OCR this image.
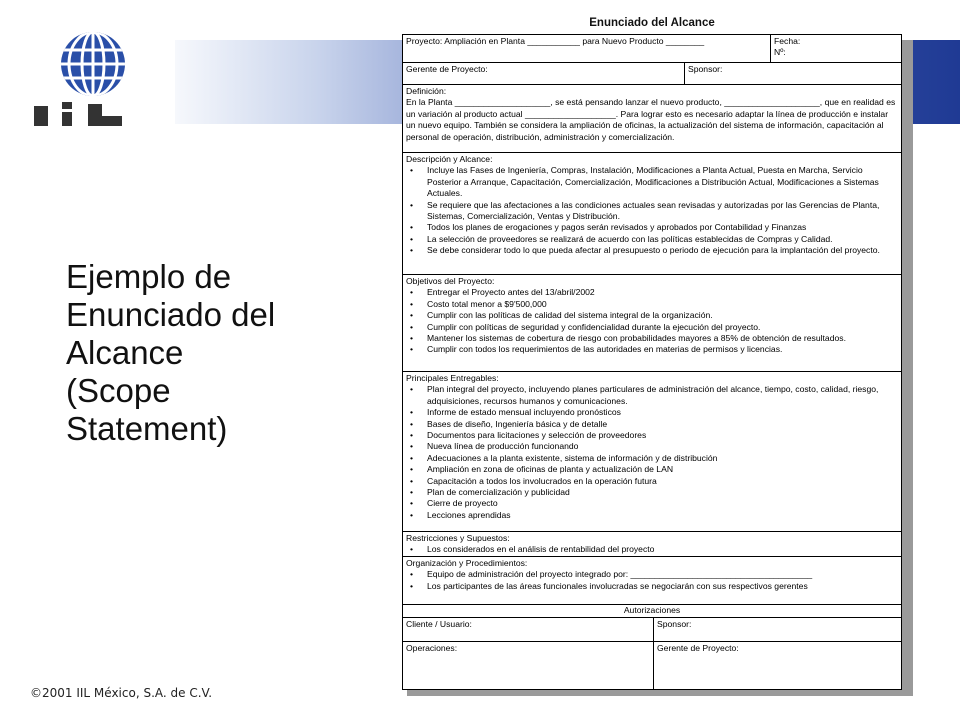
Ejemplo de
Enunciado del
Alcance
(Scope
Statement)
©2001 IIL México, S.A. de C.V.
Enunciado del Alcance
Proyecto: Ampliación en Planta ___________ para Nuevo Producto ________	Fecha:
Nº:
Gerente de Proyecto:	Sponsor:
Definición:

En la Planta ____________________, se está pensando lanzar el nuevo producto, ____________________, que en realidad es un variación al producto actual ___________________. Para lograr esto es necesario adaptar la línea de producción e instalar un nuevo equipo. También se considera la ampliación de oficinas, la actualización del sistema de información, capacitación al personal de operación, distribución, administración y comercialización.

Descripción y Alcance:
• Incluye las Fases de Ingeniería, Compras, Instalación, Modificaciones a Planta Actual, Puesta en Marcha, Servicio Posterior a Arranque, Capacitación, Comercialización, Modificaciones a Distribución Actual, Modificaciones a Sistemas Actuales.
• Se requiere que las afectaciones a las condiciones actuales sean revisadas y autorizadas por las Gerencias de Planta, Sistemas, Comercialización, Ventas y Distribución.
• Todos los planes de erogaciones y pagos serán revisados y aprobados por Contabilidad y Finanzas
• La selección de proveedores se realizará de acuerdo con las políticas establecidas de Compras y Calidad.
• Se debe considerar todo lo que pueda afectar al presupuesto o periodo de ejecución para la implantación del proyecto.
Objetivos del Proyecto:
• Entregar el Proyecto antes del 13/abril/2002
• Costo total menor a $9'500,000
• Cumplir con las políticas de calidad del sistema integral de la organización.
• Cumplir con políticas de seguridad y confidencialidad durante la ejecución del proyecto.
• Mantener los sistemas de cobertura de riesgo con probabilidades mayores a 85% de obtención de resultados.
• Cumplir con todos los requerimientos de las autoridades en materias de permisos y licencias.
Principales Entregables:
• Plan integral del proyecto, incluyendo planes particulares de administración del alcance, tiempo, costo, calidad, riesgo, adquisiciones, recursos humanos y comunicaciones.
• Informe de estado mensual incluyendo pronósticos
• Bases de diseño, Ingeniería básica y de detalle
• Documentos para licitaciones y selección de proveedores
• Nueva línea de producción funcionando
• Adecuaciones a la planta existente, sistema de información y de distribución
• Ampliación en zona de oficinas de planta y actualización de LAN
• Capacitación a todos los involucrados en la operación futura
• Plan de comercialización y publicidad
• Cierre de proyecto
• Lecciones aprendidas
Restricciones y Supuestos:
• Los considerados en el análisis de rentabilidad del proyecto
Organización y Procedimientos:
• Equipo de administración del proyecto integrado por: ______________________________________
• Los participantes de las áreas funcionales involucradas se negociarán con sus respectivos gerentes
Autorizaciones
Cliente / Usuario:	Sponsor:
Operaciones:	Gerente de Proyecto:
